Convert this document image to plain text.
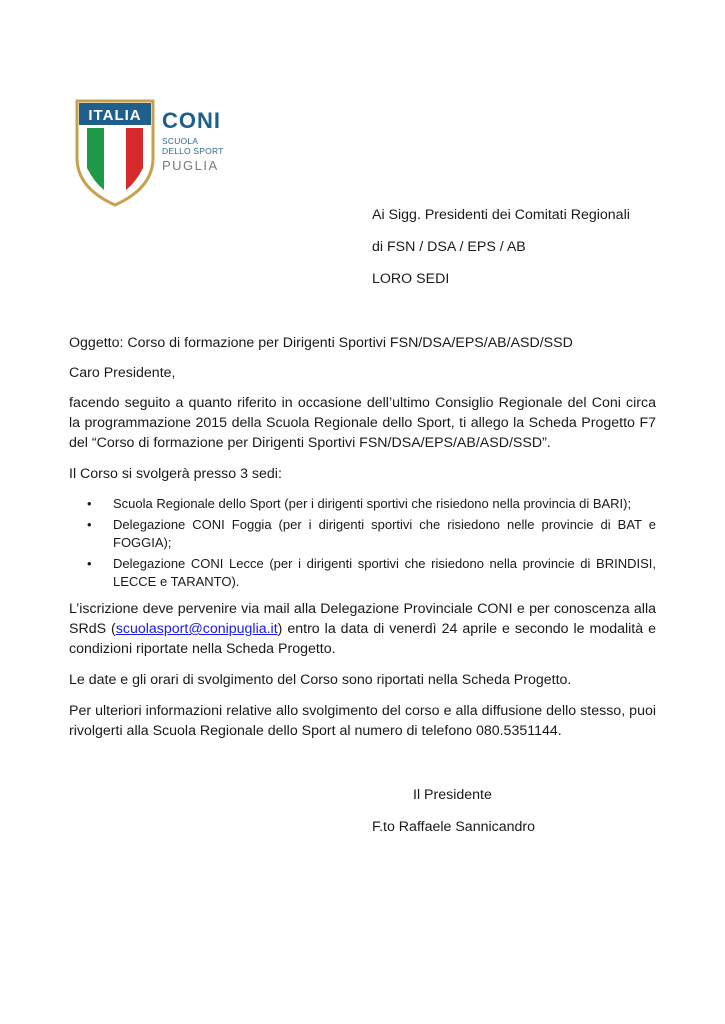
ITALIA CONI
SCUOLA
DELLO SPORT
PUGLIA
Ai Sigg. Presidenti dei Comitati Regionali
di FSN / DSA / EPS / AB
LORO SEDI

Oggetto: Corso di formazione per Dirigenti Sportivi FSN/DSA/EPS/AB/ASD/SSD

Caro Presidente,

facendo seguito a quanto riferito in occasione dell’ultimo Consiglio Regionale del Coni circa la programmazione 2015 della Scuola Regionale dello Sport, ti allego la Scheda Progetto F7 del “Corso di formazione per Dirigenti Sportivi FSN/DSA/EPS/AB/ASD/SSD”.

Il Corso si svolgerà presso 3 sedi:

• Scuola Regionale dello Sport (per i dirigenti sportivi che risiedono nella provincia di BARI);
• Delegazione CONI Foggia (per i dirigenti sportivi che risiedono nelle provincie di BAT e FOGGIA);
• Delegazione CONI Lecce (per i dirigenti sportivi che risiedono nella provincie di BRINDISI, LECCE e TARANTO).

L’iscrizione deve pervenire via mail alla Delegazione Provinciale CONI e per conoscenza alla SRdS (scuolasport@conipuglia.it) entro la data di venerdì 24 aprile e secondo le modalità e condizioni riportate nella Scheda Progetto.

Le date e gli orari di svolgimento del Corso sono riportati nella Scheda Progetto.

Per ulteriori informazioni relative allo svolgimento del corso e alla diffusione dello stesso, puoi rivolgerti alla Scuola Regionale dello Sport al numero di telefono 080.5351144.

Il Presidente
F.to Raffaele Sannicandro
